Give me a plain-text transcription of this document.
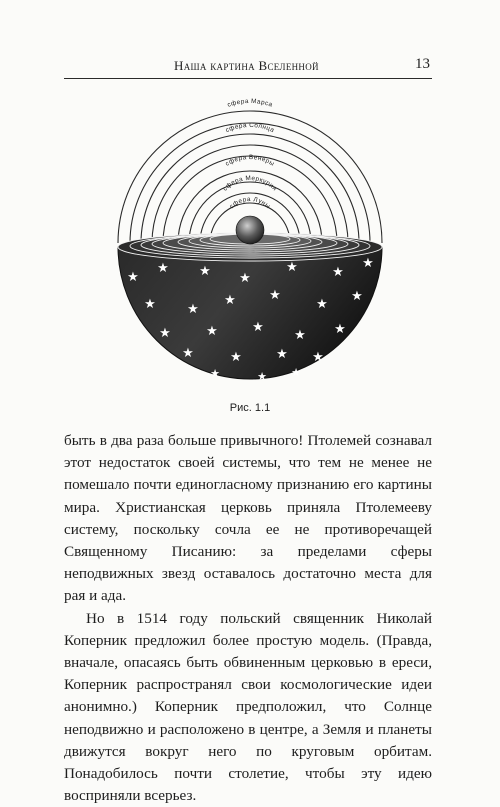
Наша картина Вселенной	13
сфера Марса
сфера Солнца
сфера Венеры
сфера Меркурия
сфера Луны
★
★ ★ ★
★	★
★
★ ★
★	★
★
★
★	★	★
★ ★
★	★	★ ★
★	★ ★
Рис. 1.1

быть в два раза больше привычного! Птолемей сознавал этот недостаток своей системы, что тем не менее не помешало почти единогласному признанию его картины мира. Христианская церковь приняла Птолемееву систему, поскольку сочла ее не противоречащей Священному Писанию: за пределами сферы неподвижных звезд оставалось достаточно места для рая и ада.

Но в 1514 году польский священник Николай Коперник предложил более простую модель. (Правда, вначале, опасаясь быть обвиненным церковью в ереси, Коперник распространял свои космологические идеи анонимно.) Коперник предположил, что Солнце неподвижно и расположено в центре, а Земля и планеты движутся вокруг него по круговым орбитам. Понадобилось почти столетие, чтобы эту идею восприняли всерьез.
